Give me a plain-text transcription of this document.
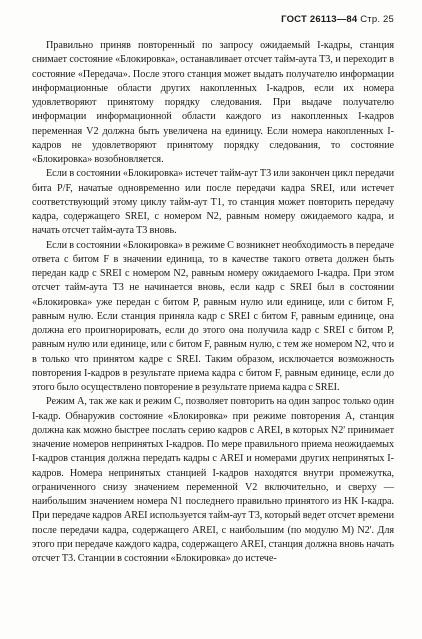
ГОСТ 26113—84 Стр. 25

Правильно приняв повторенный по запросу ожидаемый I-кадры, станция снимает состояние «Блокировка», останавливает отсчет тайм-аута Т3, и переходит в состояние «Передача». После этого станция может выдать получателю информации информационные области других накопленных I-кадров, если их номера удовлетворяют принятому порядку следования. При выдаче получателю информации информационной области каждого из накопленных I-кадров переменная V2 должна быть увеличена на единицу. Если номера накопленных I-кадров не удовлетворяют принятому порядку следования, то состояние «Блокировка» возобновляется.

Если в состоянии «Блокировка» истечет тайм-аут Т3 или закончен цикл передачи бита P/F, начатые одновременно или после передачи кадра SREI, или истечет соответствующий этому циклу тайм-аут Т1, то станция может повторить передачу кадра, содержащего SREI, с номером N2, равным номеру ожидаемого кадра, и начать отсчет тайм-аута Т3 вновь.

Если в состоянии «Блокировка» в режиме С возникнет необходимость в передаче ответа с битом F в значении единица, то в качестве такого ответа должен быть передан кадр с SREI с номером N2, равным номеру ожидаемого I-кадра. При этом отсчет тайм-аута Т3 не начинается вновь, если кадр с SREI был в состоянии «Блокировка» уже передан с битом P, равным нулю или единице, или с битом F, равным нулю. Если станция приняла кадр с SREI с битом F, равным единице, она должна его проигнорировать, если до этого она получила кадр с SREI с битом P, равным нулю или единице, или с битом F, равным нулю, с тем же номером N2, что и в только что принятом кадре с SREI. Таким образом, исключается возможность повторения I-кадров в результате приема кадра с битом F, равным единице, если до этого было осуществлено повторение в результате приема кадра с SREI.

Режим А, так же как и режим С, позволяет повторить на один запрос только один I-кадр. Обнаружив состояние «Блокировка» при режиме повторения А, станция должна как можно быстрее послать серию кадров с AREI, в которых N2' принимает значение номеров непринятых I-кадров. По мере правильного приема неожидаемых I-кадров станция должна передать кадры с AREI и номерами других непринятых I-кадров. Номера непринятых станцией I-кадров находятся внутри промежутка, ограниченного снизу значением переменной V2 включительно, и сверху — наибольшим значением номера N1 последнего правильно принятого из НК I-кадра. При передаче кадров AREI используется тайм-аут Т3, который ведет отсчет времени после передачи кадра, содержащего AREI, с наибольшим (по модулю М) N2'. Для этого при передаче каждого кадра, содержащего AREI, станция должна вновь начать отсчет Т3. Станции в состоянии «Блокировка» до истече-
